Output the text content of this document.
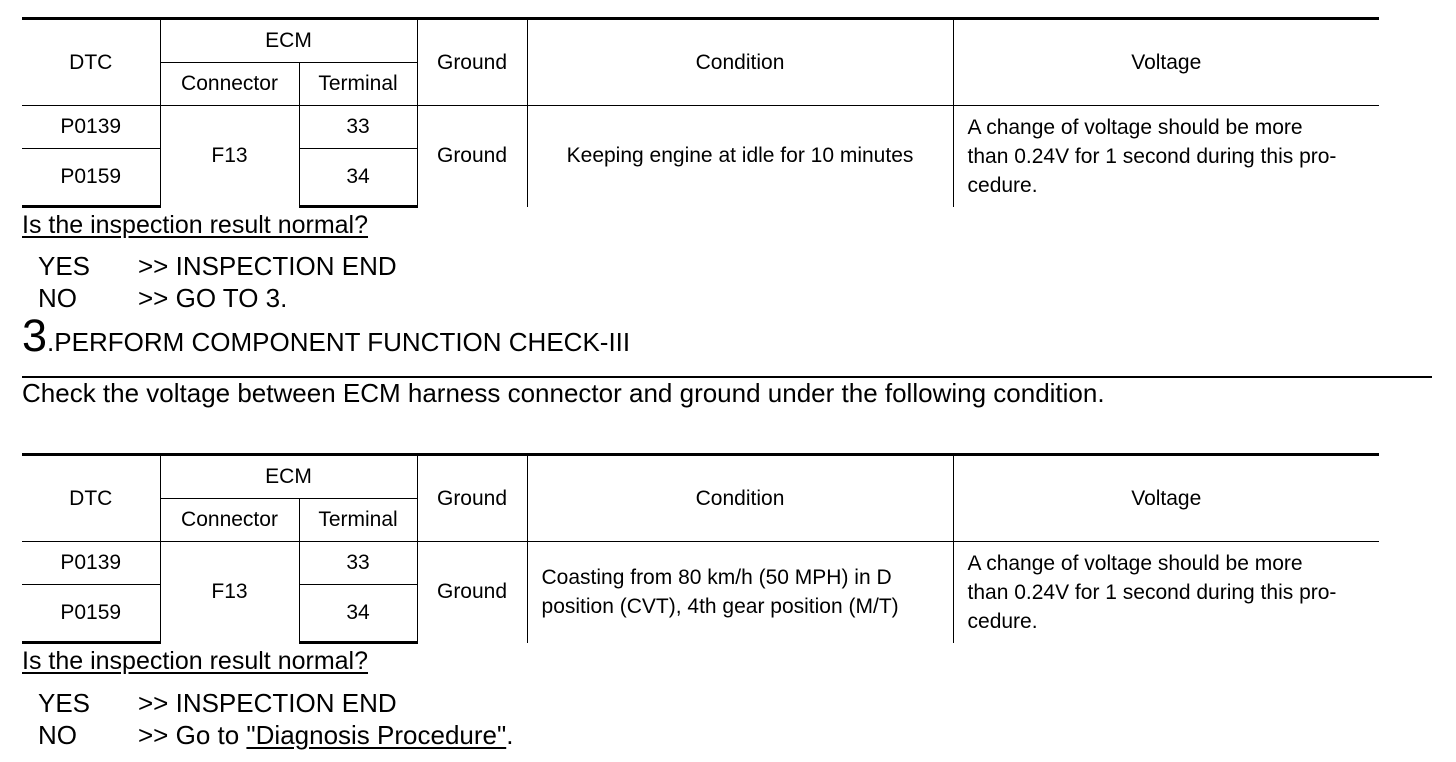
DTC	ECM		Ground	Condition	Voltage
	Connector	Terminal			
P0139	F13	33	Ground	Keeping engine at idle for 10 minutes	A change of voltage should be more
than 0.24V for 1 second during this pro-
cedure.
P0159		34			
Is the inspection result normal?
YES	>> INSPECTION END
NO	>> GO TO 3.
3 . PERFORM COMPONENT FUNCTION CHECK-III
Check the voltage between ECM harness connector and ground under the following condition.
DTC	ECM		Ground	Condition	Voltage
	Connector	Terminal			
P0139	F13	33	Ground	Coasting from 80 km/h (50 MPH) in D
position (CVT), 4th gear position (M/T)	A change of voltage should be more
than 0.24V for 1 second during this pro-
cedure.
P0159		34			
Is the inspection result normal?
YES	>> INSPECTION END
NO	>> Go to "Diagnosis Procedure".
